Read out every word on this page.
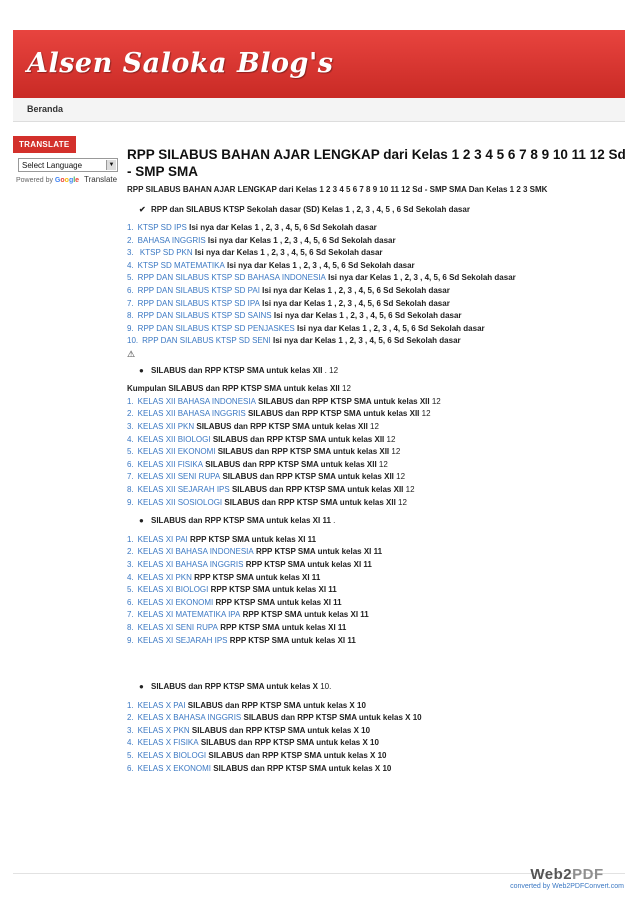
Alsen Saloka Blog's
Beranda
TRANSLATE
Select Language	▼
Powered by Google Translate
RPP SILABUS BAHAN AJAR LENGKAP dari Kelas 1 2 3 4 5 6 7 8 9 10 11 12 Sd - SMP SMA
RPP SILABUS BAHAN AJAR LENGKAP dari Kelas 1 2 3 4 5 6 7 8 9 10 11 12 Sd - SMP SMA Dan Kelas 1 2 3 SMK
✔ RPP dan SILABUS KTSP Sekolah dasar (SD) Kelas 1 , 2, 3 , 4, 5 , 6 Sd Sekolah dasar
1. KTSP SD IPS Isi nya dar Kelas 1 , 2, 3 , 4, 5, 6 Sd Sekolah dasar
2. BAHASA INGGRIS Isi nya dar Kelas 1 , 2, 3 , 4, 5, 6 Sd Sekolah dasar
3. KTSP SD PKN Isi nya dar Kelas 1 , 2, 3 , 4, 5, 6 Sd Sekolah dasar
4. KTSP SD MATEMATIKA Isi nya dar Kelas 1 , 2, 3 , 4, 5, 6 Sd Sekolah dasar
5. RPP DAN SILABUS KTSP SD BAHASA INDONESIA Isi nya dar Kelas 1 , 2, 3 , 4, 5, 6 Sd Sekolah dasar
6. RPP DAN SILABUS KTSP SD PAI Isi nya dar Kelas 1 , 2, 3 , 4, 5, 6 Sd Sekolah dasar
7. RPP DAN SILABUS KTSP SD IPA Isi nya dar Kelas 1 , 2, 3 , 4, 5, 6 Sd Sekolah dasar
8. RPP DAN SILABUS KTSP SD SAINS Isi nya dar Kelas 1 , 2, 3 , 4, 5, 6 Sd Sekolah dasar
9. RPP DAN SILABUS KTSP SD PENJASKES Isi nya dar Kelas 1 , 2, 3 , 4, 5, 6 Sd Sekolah dasar
10. RPP DAN SILABUS KTSP SD SENI Isi nya dar Kelas 1 , 2, 3 , 4, 5, 6 Sd Sekolah dasar
⚠
● SILABUS dan RPP KTSP SMA untuk kelas XII . 12
Kumpulan SILABUS dan RPP KTSP SMA untuk kelas XII 12
1. KELAS XII BAHASA INDONESIA SILABUS dan RPP KTSP SMA untuk kelas XII 12
2. KELAS XII BAHASA INGGRIS SILABUS dan RPP KTSP SMA untuk kelas XII 12
3. KELAS XII PKN SILABUS dan RPP KTSP SMA untuk kelas XII 12
4. KELAS XII BIOLOGI SILABUS dan RPP KTSP SMA untuk kelas XII 12
5. KELAS XII EKONOMI SILABUS dan RPP KTSP SMA untuk kelas XII 12
6. KELAS XII FISIKA SILABUS dan RPP KTSP SMA untuk kelas XII 12
7. KELAS XII SENI RUPA SILABUS dan RPP KTSP SMA untuk kelas XII 12
8. KELAS XII SEJARAH IPS SILABUS dan RPP KTSP SMA untuk kelas XII 12
9. KELAS XII SOSIOLOGI SILABUS dan RPP KTSP SMA untuk kelas XII 12
● SILABUS dan RPP KTSP SMA untuk kelas XI 11 .
1. KELAS XI PAI RPP KTSP SMA untuk kelas XI 11
2. KELAS XI BAHASA INDONESIA RPP KTSP SMA untuk kelas XI 11
3. KELAS XI BAHASA INGGRIS RPP KTSP SMA untuk kelas XI 11
4. KELAS XI PKN RPP KTSP SMA untuk kelas XI 11
5. KELAS XI BIOLOGI RPP KTSP SMA untuk kelas XI 11
6. KELAS XI EKONOMI RPP KTSP SMA untuk kelas XI 11
7. KELAS XI MATEMATIKA IPA RPP KTSP SMA untuk kelas XI 11
8. KELAS XI SENI RUPA RPP KTSP SMA untuk kelas XI 11
9. KELAS XI SEJARAH IPS RPP KTSP SMA untuk kelas XI 11
● SILABUS dan RPP KTSP SMA untuk kelas X 10.
1. KELAS X PAI SILABUS dan RPP KTSP SMA untuk kelas X 10
2. KELAS X BAHASA INGGRIS SILABUS dan RPP KTSP SMA untuk kelas X 10
3. KELAS X PKN SILABUS dan RPP KTSP SMA untuk kelas X 10
4. KELAS X FISIKA SILABUS dan RPP KTSP SMA untuk kelas X 10
5. KELAS X BIOLOGI SILABUS dan RPP KTSP SMA untuk kelas X 10
6. KELAS X EKONOMI SILABUS dan RPP KTSP SMA untuk kelas X 10
Web2PDF
converted by Web2PDFConvert.com
